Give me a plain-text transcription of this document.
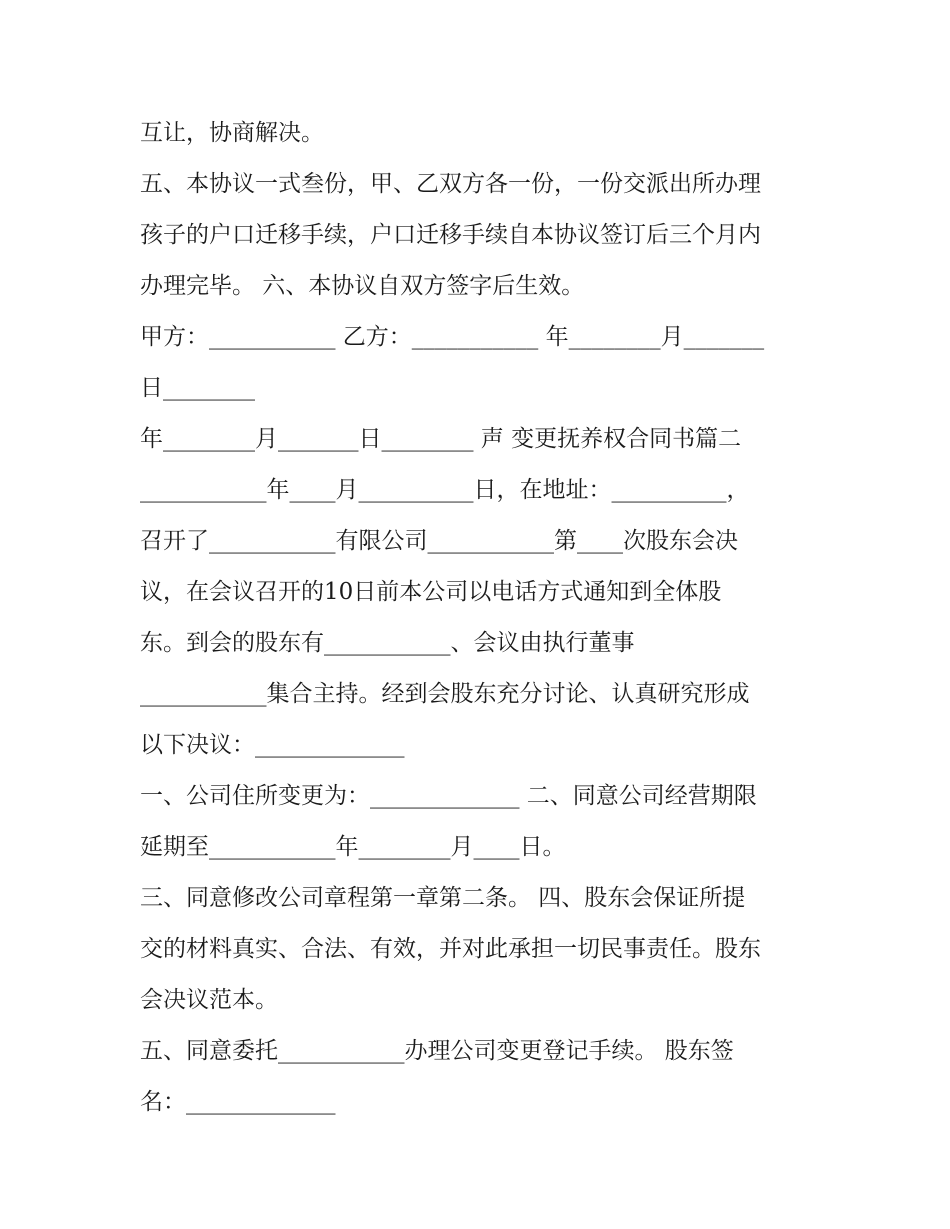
互让，协商解决。
五、本协议一式叁份，甲、乙双方各一份，一份交派出所办理
孩子的户口迁移手续，户口迁移手续自本协议签订后三个月内
办理完毕。 六、本协议自双方签字后生效。
甲方：___________ 乙方：___________ 年________月_______
日________
年________月_______日________ 声 变更抚养权合同书篇二
___________年____月__________日，在地址：__________，
召开了___________有限公司___________第____次股东会决
议，在会议召开的10日前本公司以电话方式通知到全体股
东。到会的股东有___________、会议由执行董事
___________集合主持。经到会股东充分讨论、认真研究形成
以下决议：_____________
一、公司住所变更为：_____________ 二、同意公司经营期限
延期至___________年________月____日。
三、同意修改公司章程第一章第二条。 四、股东会保证所提
交的材料真实、合法、有效，并对此承担一切民事责任。股东
会决议范本。
五、同意委托___________办理公司变更登记手续。 股东签
名：_____________
